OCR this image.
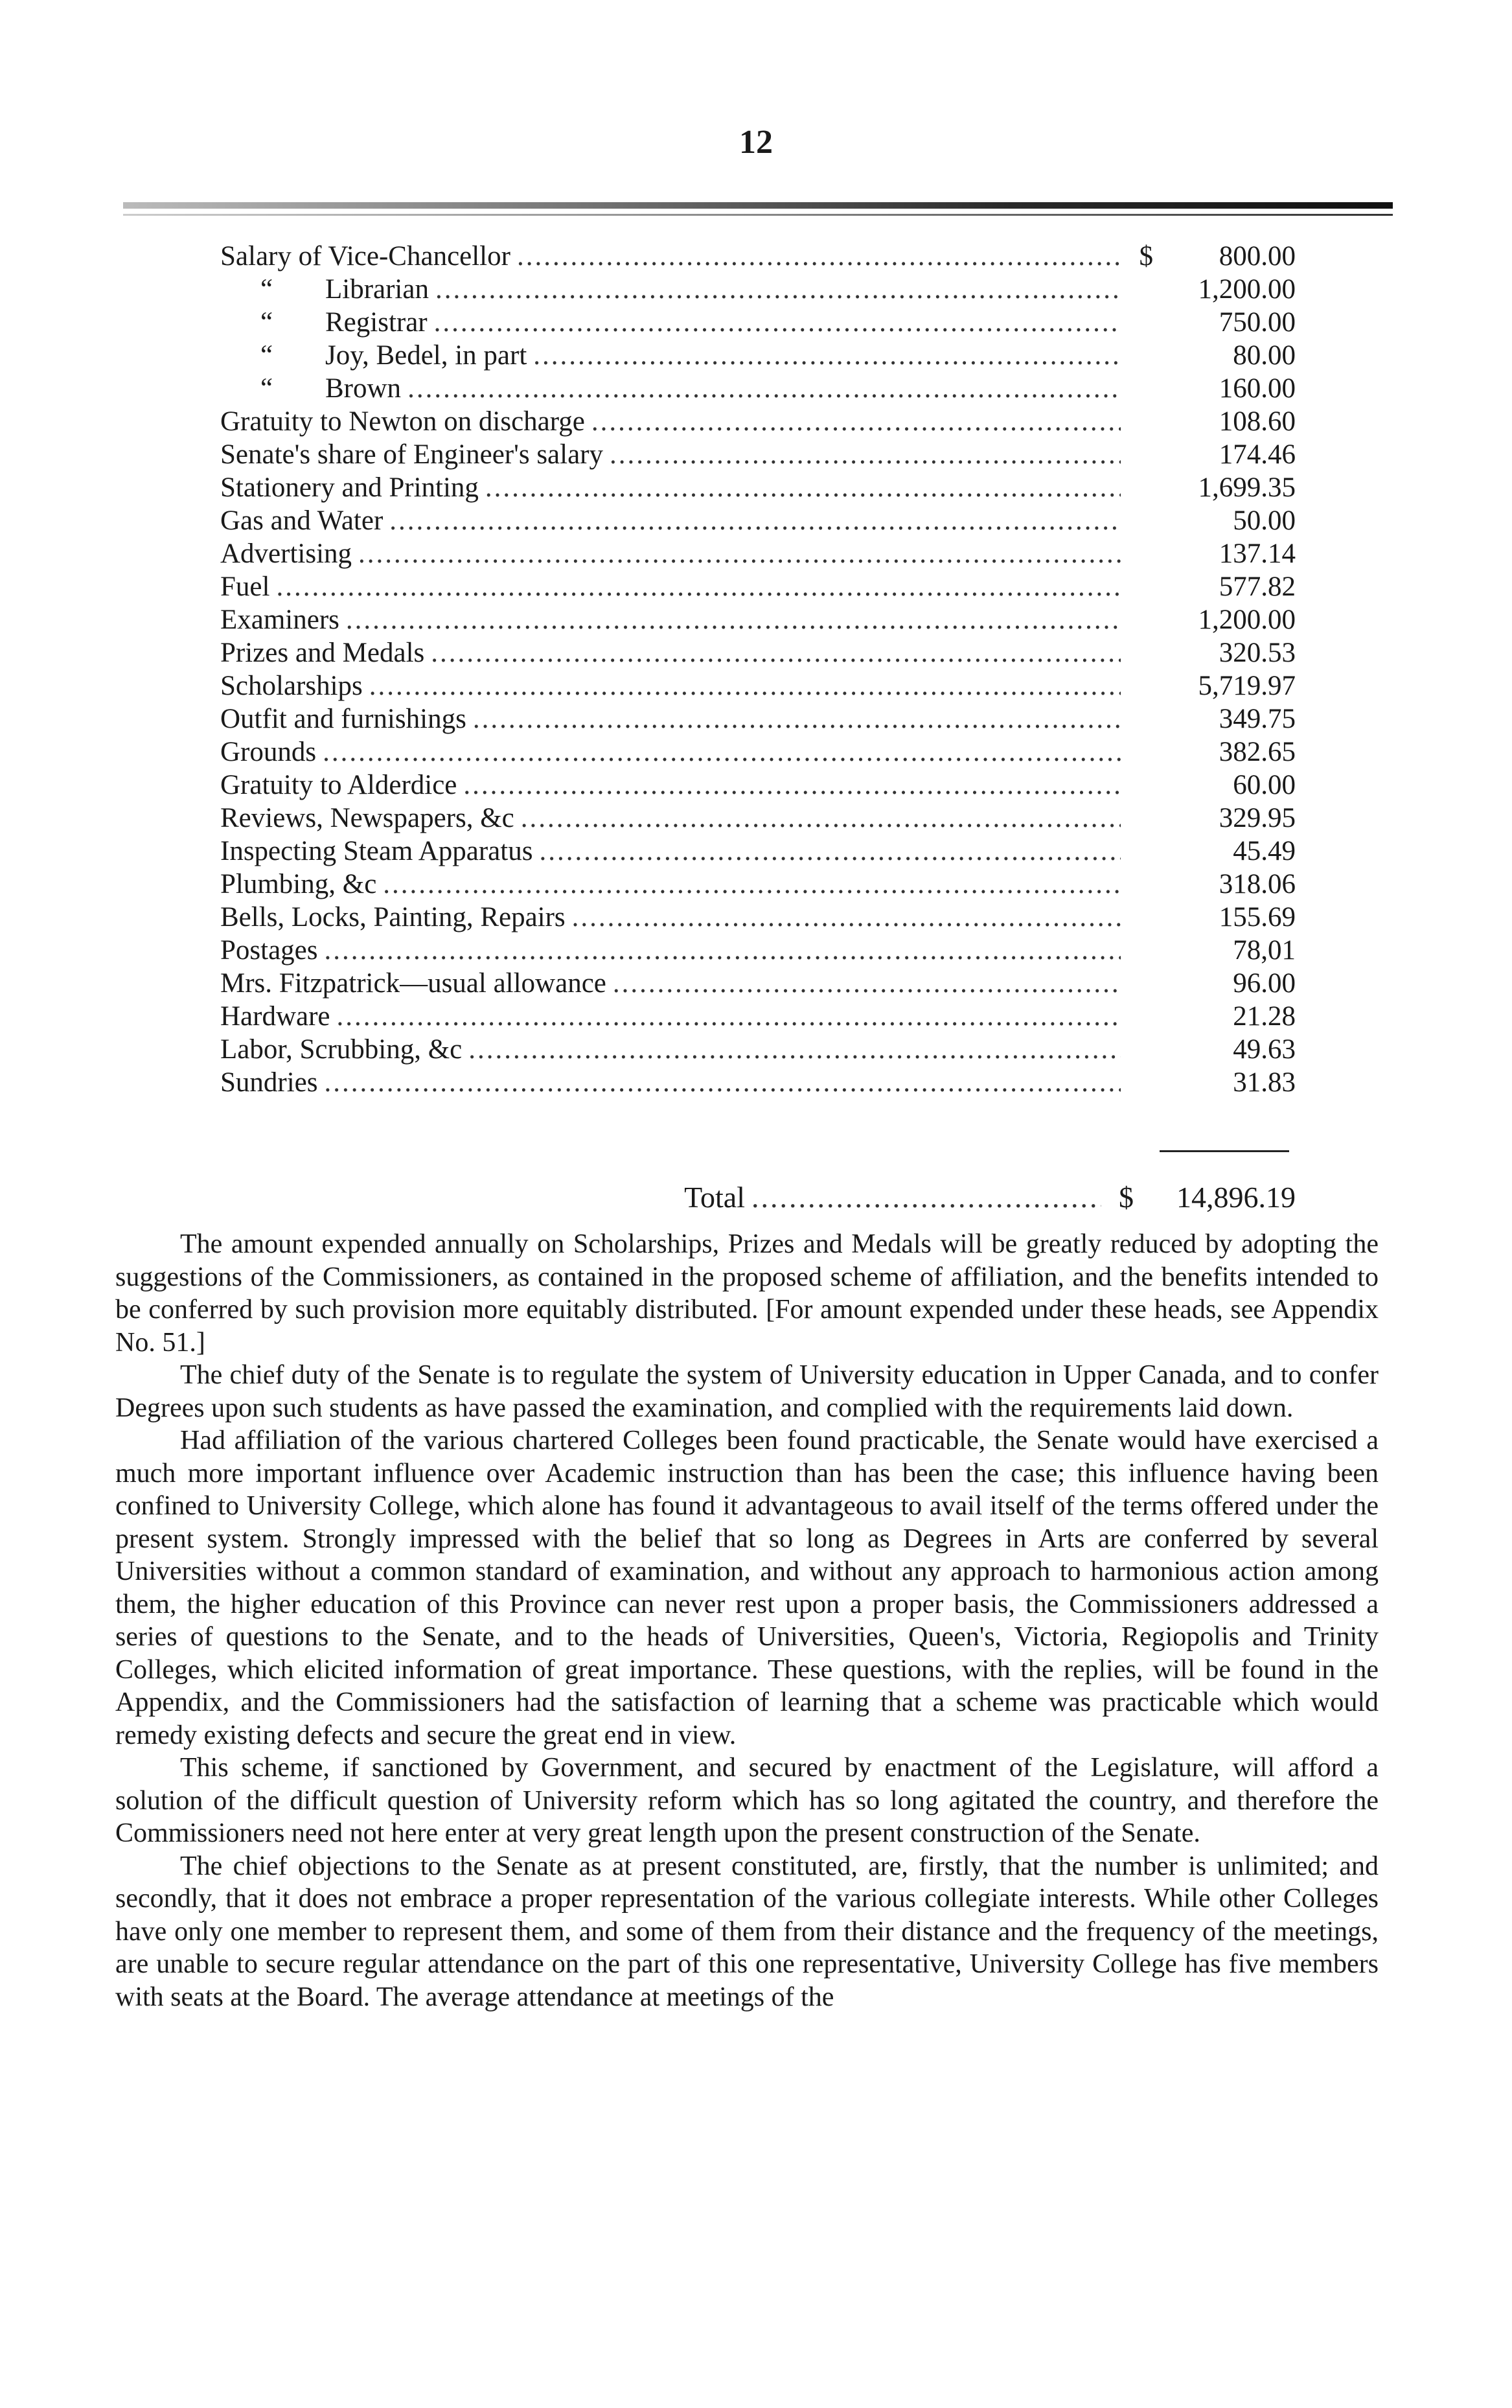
12
Salary of Vice-Chancellor .....	$	800.00
“ Librarian .....	1,200.00
“ Registrar .....	750.00
“ Joy, Bedel, in part .....	80.00
“ Brown .....	160.00
Gratuity to Newton on discharge .....	108.60
Senate's share of Engineer's salary .....	174.46
Stationery and Printing .....	1,699.35
Gas and Water .....	50.00
Advertising .....	137.14
Fuel .....	577.82
Examiners .....	1,200.00
Prizes and Medals .....	320.53
Scholarships .....	5,719.97
Outfit and furnishings .....	349.75
Grounds .....	382.65
Gratuity to Alderdice .....	60.00
Reviews, Newspapers, &c .....	329.95
Inspecting Steam Apparatus .....	45.49
Plumbing, &c .....	318.06
Bells, Locks, Painting, Repairs .....	155.69
Postages .....	78,01
Mrs. Fitzpatrick—usual allowance .....	96.00
Hardware .....	21.28
Labor, Scrubbing, &c .....	49.63
Sundries .....	31.83
Total .....	$	14,896.19

The amount expended annually on Scholarships, Prizes and Medals will be greatly reduced by adopting the suggestions of the Commissioners, as contained in the proposed scheme of affiliation, and the benefits intended to be conferred by such provision more equitably distributed. [For amount expended under these heads, see Appendix No. 51.]

The chief duty of the Senate is to regulate the system of University education in Upper Canada, and to confer Degrees upon such students as have passed the examination, and complied with the requirements laid down.

Had affiliation of the various chartered Colleges been found practicable, the Senate would have exercised a much more important influence over Academic instruction than has been the case; this influence having been confined to University College, which alone has found it advantageous to avail itself of the terms offered under the present system. Strongly impressed with the belief that so long as Degrees in Arts are conferred by several Universities without a common standard of examination, and without any approach to harmonious action among them, the higher education of this Province can never rest upon a proper basis, the Commissioners addressed a series of questions to the Senate, and to the heads of Universities, Queen's, Victoria, Regiopolis and Trinity Colleges, which elicited information of great importance. These questions, with the replies, will be found in the Appendix, and the Commissioners had the satisfaction of learning that a scheme was practicable which would remedy existing defects and secure the great end in view.

This scheme, if sanctioned by Government, and secured by enactment of the Legislature, will afford a solution of the difficult question of University reform which has so long agitated the country, and therefore the Commissioners need not here enter at very great length upon the present construction of the Senate.

The chief objections to the Senate as at present constituted, are, firstly, that the number is unlimited; and secondly, that it does not embrace a proper representation of the various collegiate interests. While other Colleges have only one member to represent them, and some of them from their distance and the frequency of the meetings, are unable to secure regular attendance on the part of this one representative, University College has five members with seats at the Board. The average attendance at meetings of the
